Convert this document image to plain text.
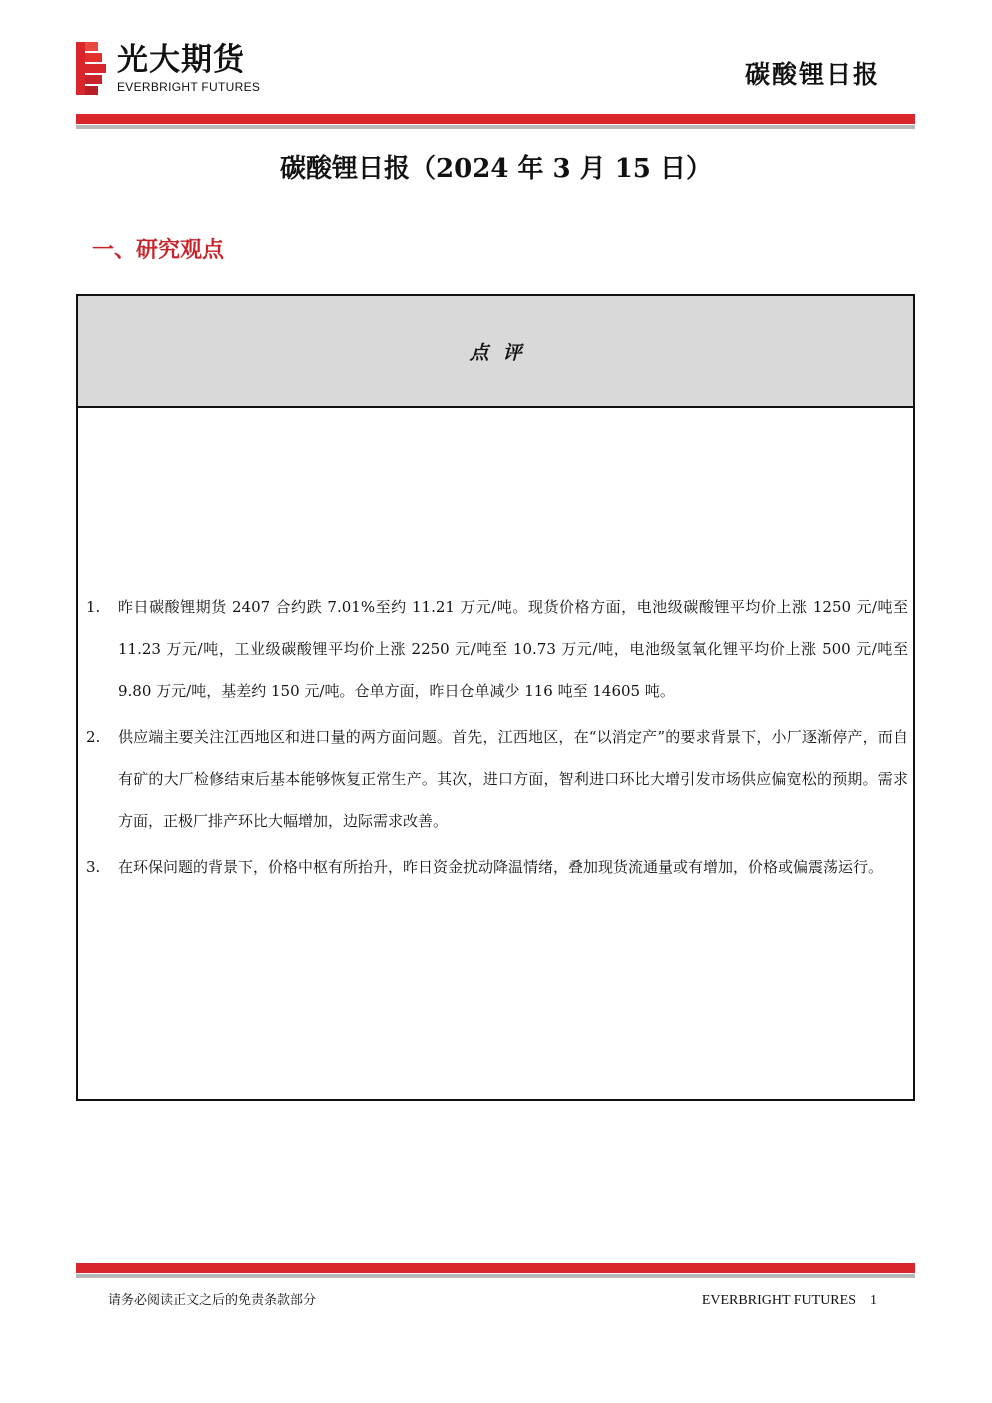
光大期货
EVERBRIGHT FUTURES	碳酸锂日报
碳酸锂日报（2024 年 3 月 15 日）
一、研究观点
点评
1. 昨日碳酸锂期货 2407 合约跌 7.01%至约 11.21 万元/吨。现货价格方面，电池级碳酸锂平均价上涨 1250 元/吨至 11.23 万元/吨，工业级碳酸锂平均价上涨 2250 元/吨至 10.73 万元/吨，电池级氢氧化锂平均价上涨 500 元/吨至 9.80 万元/吨，基差约 150 元/吨。仓单方面，昨日仓单减少 116 吨至 14605 吨。
2. 供应端主要关注江西地区和进口量的两方面问题。首先，江西地区，在“以消定产”的要求背景下，小厂逐渐停产，而自有矿的大厂检修结束后基本能够恢复正常生产。其次，进口方面，智利进口环比大增引发市场供应偏宽松的预期。需求方面，正极厂排产环比大幅增加，边际需求改善。
3. 在环保问题的背景下，价格中枢有所抬升，昨日资金扰动降温情绪，叠加现货流通量或有增加，价格或偏震荡运行。
请务必阅读正文之后的免责条款部分	EVERBRIGHT FUTURES 1
